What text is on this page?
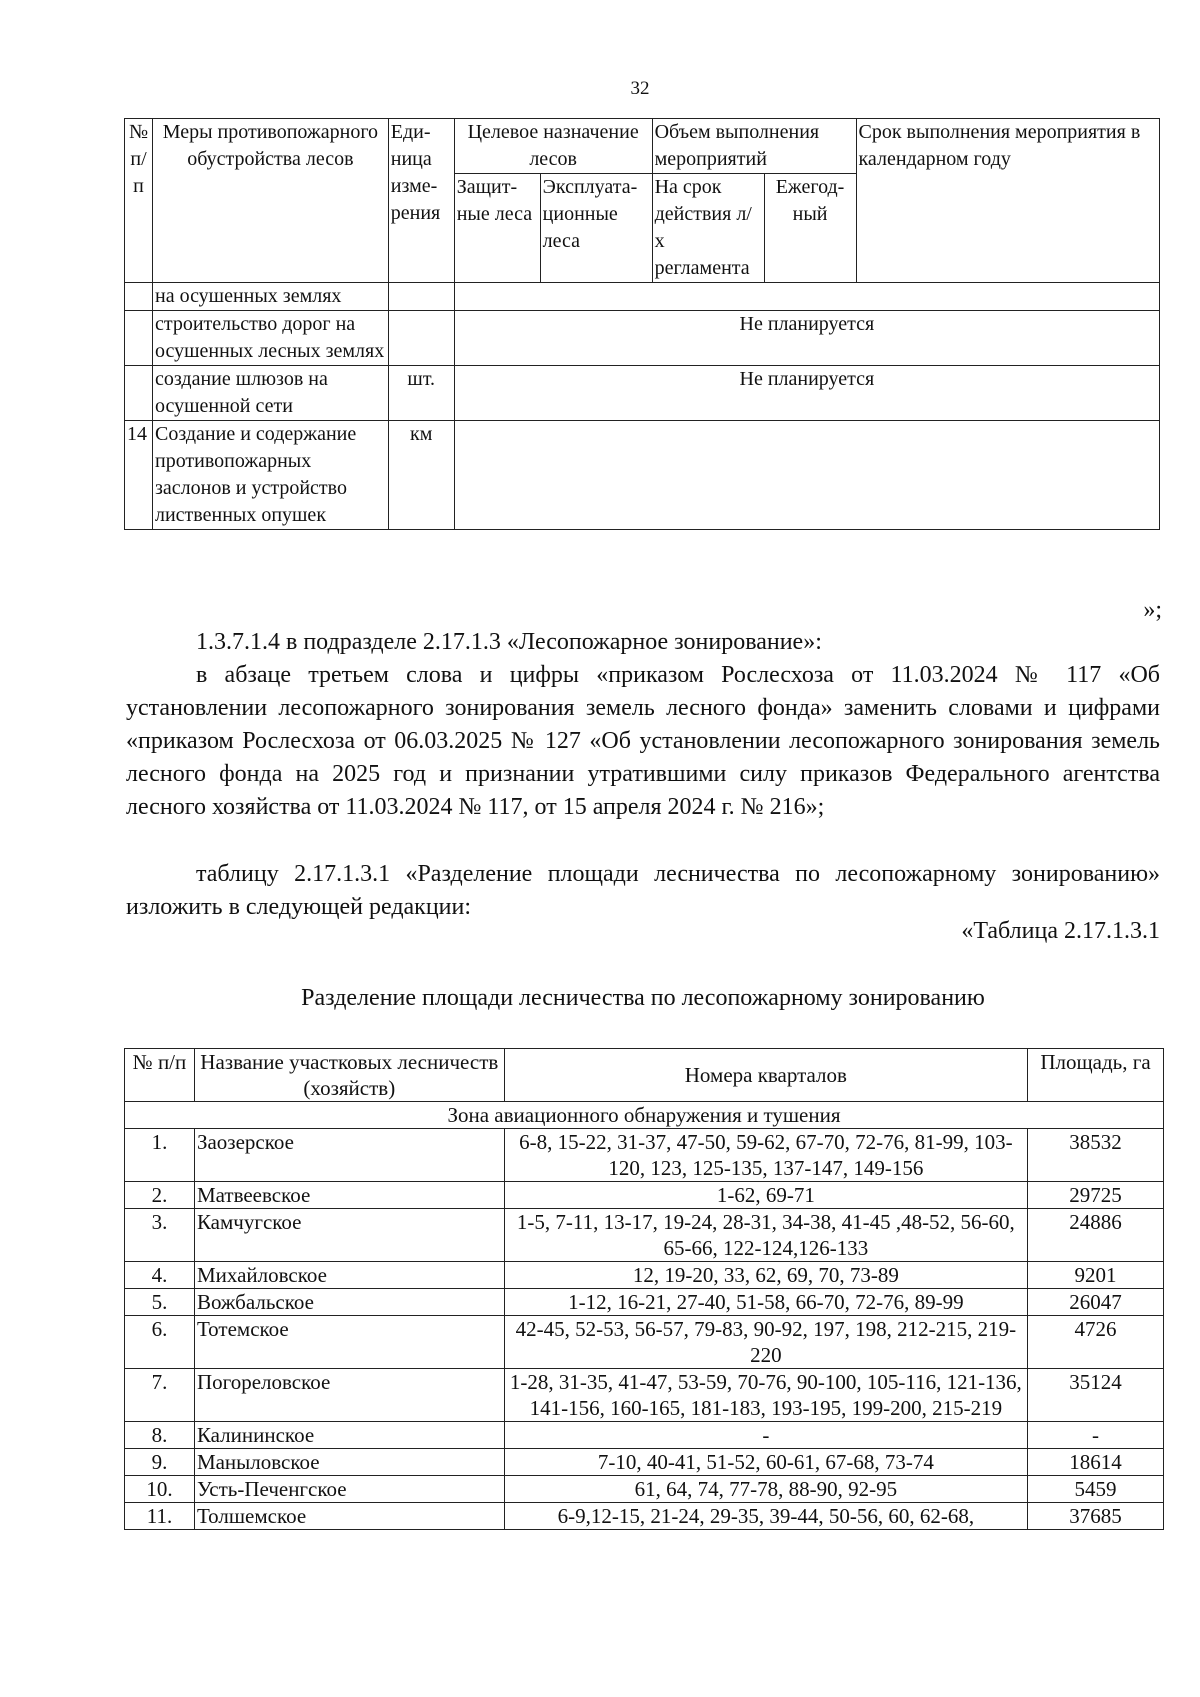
32
№ п/п	Меры противопожарного обустройства лесов	Еди-ница изме-рения	Целевое назначение лесов		Объем выполнения мероприятий		Срок выполнения мероприятия в календарном году
			Защит-ные леса	Эксплуата-ционные леса	На срок действия л/х регламента	Ежегод-ный	
	на осушенных землях						
	строительство дорог на осушенных лесных землях		Не планируется				
	создание шлюзов на осушенной сети	шт.	Не планируется				
14	Создание и содержание противопожарных заслонов и устройство лиственных опушек	км					
»;
1.3.7.1.4 в подразделе 2.17.1.3 «Лесопожарное зонирование»:
в абзаце третьем слова и цифры «приказом Рослесхоза от 11.03.2024 № 117 «Об установлении лесопожарного зонирования земель лесного фонда» заменить словами и цифрами «приказом Рослесхоза от 06.03.2025 № 127 «Об установлении лесопожарного зонирования земель лесного фонда на 2025 год и признании утратившими силу приказов Федерального агентства лесного хозяйства от 11.03.2024 № 117, от 15 апреля 2024 г. № 216»;
таблицу 2.17.1.3.1 «Разделение площади лесничества по лесопожарному зонированию» изложить в следующей редакции:
«Таблица 2.17.1.3.1
Разделение площади лесничества по лесопожарному зонированию
№ п/п	Название участковых лесничеств (хозяйств)	Номера кварталов	Площадь, га
Зона авиационного обнаружения и тушения			
1.	Заозерское	6-8, 15-22, 31-37, 47-50, 59-62, 67-70, 72-76, 81-99, 103-120, 123, 125-135, 137-147, 149-156	38532
2.	Матвеевское	1-62, 69-71	29725
3.	Камчугское	1-5, 7-11, 13-17, 19-24, 28-31, 34-38, 41-45 ,48-52, 56-60, 65-66, 122-124,126-133	24886
4.	Михайловское	12, 19-20, 33, 62, 69, 70, 73-89	9201
5.	Вожбальское	1-12, 16-21, 27-40, 51-58, 66-70, 72-76, 89-99	26047
6.	Тотемское	42-45, 52-53, 56-57, 79-83, 90-92, 197, 198, 212-215, 219-220	4726
7.	Погореловское	1-28, 31-35, 41-47, 53-59, 70-76, 90-100, 105-116, 121-136, 141-156, 160-165, 181-183, 193-195, 199-200, 215-219	35124
8.	Калининское	-	-
9.	Маныловское	7-10, 40-41, 51-52, 60-61, 67-68, 73-74	18614
10.	Усть-Печенгское	61, 64, 74, 77-78, 88-90, 92-95	5459
11.	Толшемское	6-9,12-15, 21-24, 29-35, 39-44, 50-56, 60, 62-68,	37685
